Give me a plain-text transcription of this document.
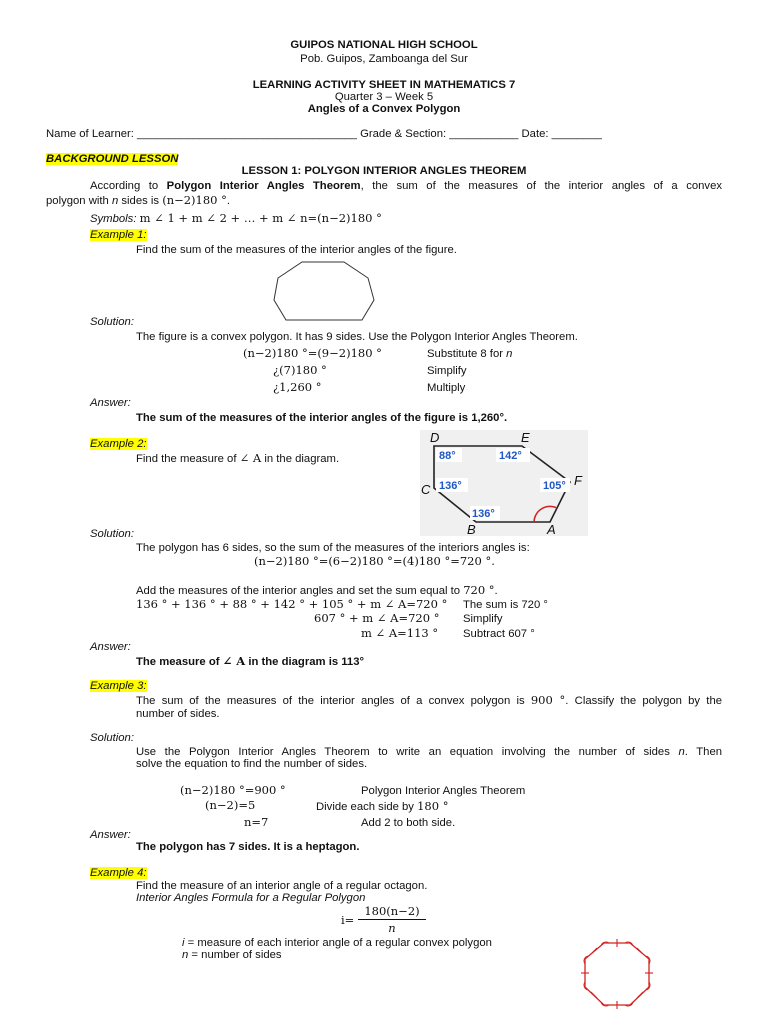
GUIPOS NATIONAL HIGH SCHOOL
Pob. Guipos, Zamboanga del Sur
LEARNING ACTIVITY SHEET IN MATHEMATICS 7
Quarter 3 – Week 5
Angles of a Convex Polygon
Name of Learner: ___________________________________ Grade & Section: ___________ Date: ________
BACKGROUND LESSON
LESSON 1: POLYGON INTERIOR ANGLES THEOREM
According to Polygon Interior Angles Theorem, the sum of the measures of the interior angles of a convex
polygon with n sides is (n−2)180 °.
Symbols: m ∠ 1 + m ∠ 2 + … + m ∠ n=(n−2)180 °
Example 1:
Find the sum of the measures of the interior angles of the figure.
Solution:
The figure is a convex polygon. It has 9 sides. Use the Polygon Interior Angles Theorem.
(n−2)180 °=(9−2)180 °	Substitute 8 for n
¿(7)180 °	Simplify
¿1,260 °	Multiply
Answer:
The sum of the measures of the interior angles of the figure is 1,260°.
Example 2:
Find the measure of ∠ A in the diagram.	88°	142°
105°
136°
136°
D	E
F
A
B
C
Solution:
The polygon has 6 sides, so the sum of the measures of the interiors angles is:
(n−2)180 °=(6−2)180 °=(4)180 °=720 °.
Add the measures of the interior angles and set the sum equal to 720 °.
136 ° + 136 ° + 88 ° + 142 ° + 105 ° + m ∠ A=720 ° The sum is 720 °
607 ° + m ∠ A=720 ° Simplify
m ∠ A=113 ° Subtract 607 °
Answer:
The measure of ∠ A in the diagram is 113°
Example 3:
The sum of the measures of the interior angles of a convex polygon is 900 °. Classify the polygon by the
number of sides.
Solution:
Use the Polygon Interior Angles Theorem to write an equation involving the number of sides n. Then
solve the equation to find the number of sides.
(n−2)180 °=900 °	Polygon Interior Angles Theorem
(n−2)=5	Divide each side by 180 °
n=7	Add 2 to both side.
Answer:
The polygon has 7 sides. It is a heptagon.
Example 4:
Find the measure of an interior angle of a regular octagon.
Interior Angles Formula for a Regular Polygon
i=
180(n−2)
n
i = measure of each interior angle of a regular convex polygon
n = number of sides
